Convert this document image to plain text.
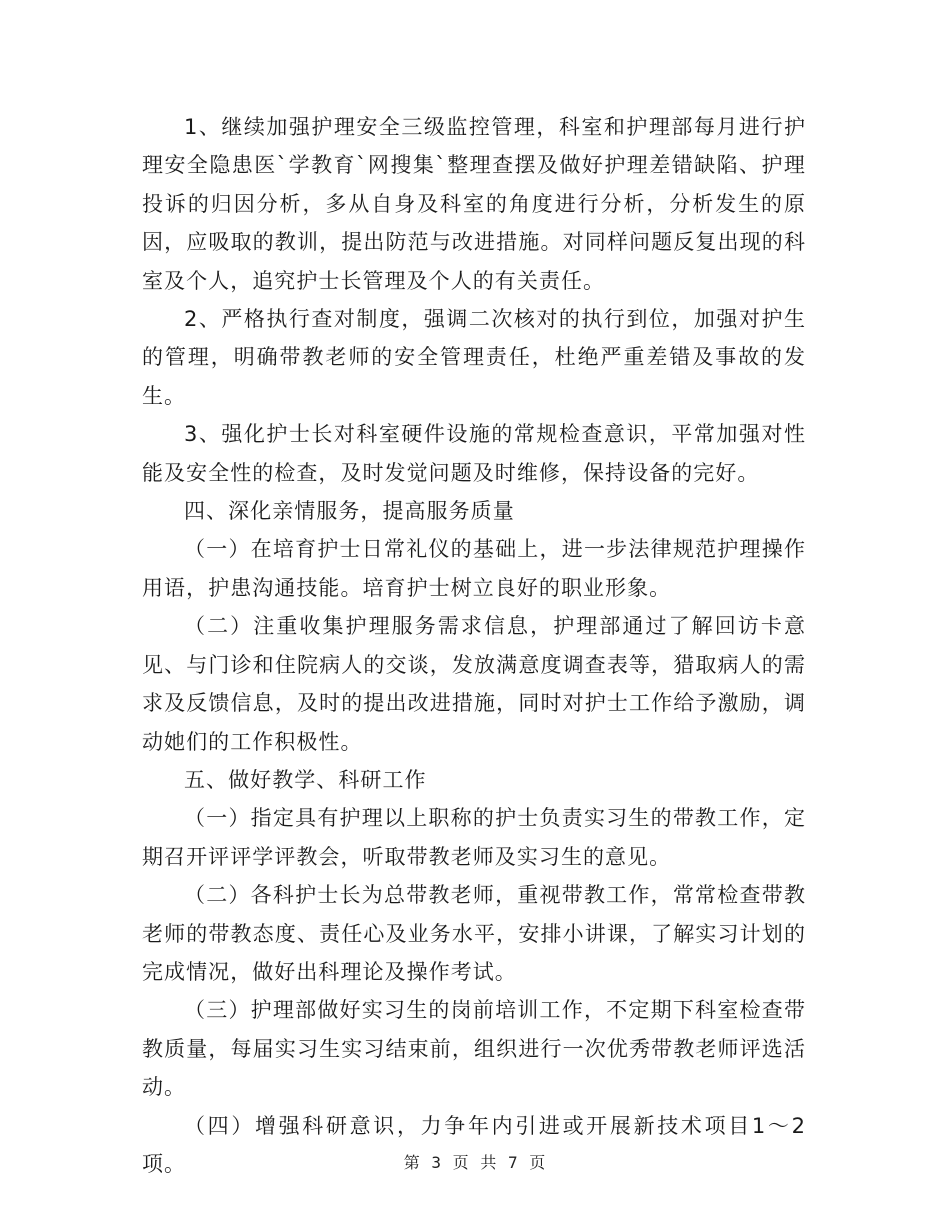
1、继续加强护理安全三级监控管理，科室和护理部每月进行护理安全隐患医`学教育`网搜集`整理查摆及做好护理差错缺陷、护理投诉的归因分析，多从自身及科室的角度进行分析，分析发生的原因，应吸取的教训，提出防范与改进措施。对同样问题反复出现的科室及个人，追究护士长管理及个人的有关责任。

2、严格执行查对制度，强调二次核对的执行到位，加强对护生的管理，明确带教老师的安全管理责任，杜绝严重差错及事故的发生。

3、强化护士长对科室硬件设施的常规检查意识，平常加强对性能及安全性的检查，及时发觉问题及时维修，保持设备的完好。

四、深化亲情服务，提高服务质量

（一）在培育护士日常礼仪的基础上，进一步法律规范护理操作用语，护患沟通技能。培育护士树立良好的职业形象。

（二）注重收集护理服务需求信息，护理部通过了解回访卡意见、与门诊和住院病人的交谈，发放满意度调查表等，猎取病人的需求及反馈信息，及时的提出改进措施，同时对护士工作给予激励，调动她们的工作积极性。

五、做好教学、科研工作

（一）指定具有护理以上职称的护士负责实习生的带教工作，定期召开评评学评教会，听取带教老师及实习生的意见。

（二）各科护士长为总带教老师，重视带教工作，常常检查带教老师的带教态度、责任心及业务水平，安排小讲课，了解实习计划的完成情况，做好出科理论及操作考试。

（三）护理部做好实习生的岗前培训工作，不定期下科室检查带教质量，每届实习生实习结束前，组织进行一次优秀带教老师评选活动。

（四）增强科研意识，力争年内引进或开展新技术项目1～2项。	第 3 页 共 7 页
